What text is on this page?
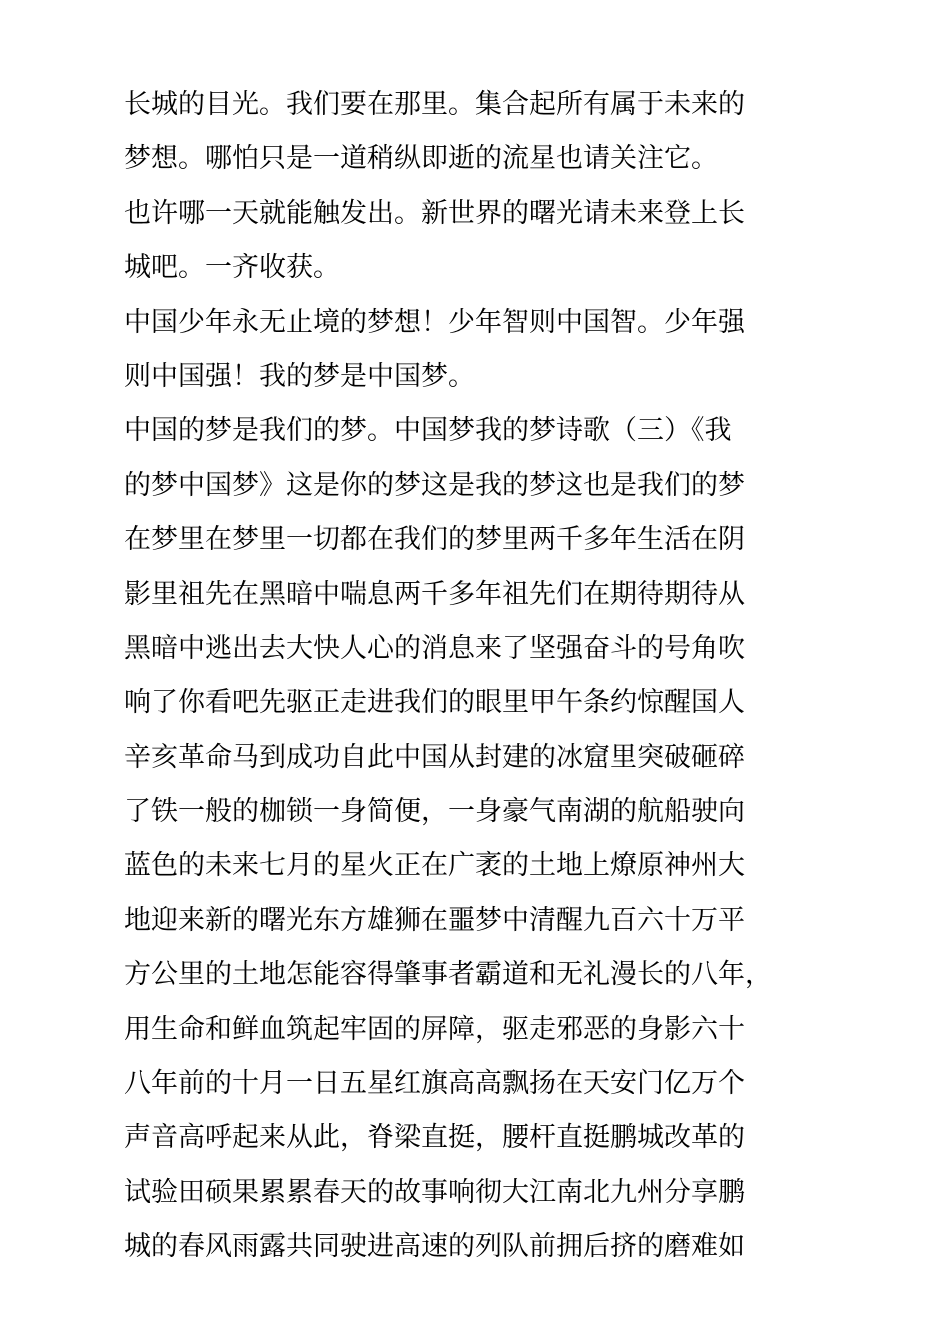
长城的目光。我们要在那里。集合起所有属于未来的
梦想。哪怕只是一道稍纵即逝的流星也请关注它。
也许哪一天就能触发出。新世界的曙光请未来登上长
城吧。一齐收获。
中国少年永无止境的梦想！少年智则中国智。少年强
则中国强！我的梦是中国梦。
中国的梦是我们的梦。中国梦我的梦诗歌（三）《我
的梦中国梦》这是你的梦这是我的梦这也是我们的梦
在梦里在梦里一切都在我们的梦里两千多年生活在阴
影里祖先在黑暗中喘息两千多年祖先们在期待期待从
黑暗中逃出去大快人心的消息来了坚强奋斗的号角吹
响了你看吧先驱正走进我们的眼里甲午条约惊醒国人
辛亥革命马到成功自此中国从封建的冰窟里突破砸碎
了铁一般的枷锁一身简便，一身豪气南湖的航船驶向
蓝色的未来七月的星火正在广袤的土地上燎原神州大
地迎来新的曙光东方雄狮在噩梦中清醒九百六十万平
方公里的土地怎能容得肇事者霸道和无礼漫长的八年，
用生命和鲜血筑起牢固的屏障，驱走邪恶的身影六十
八年前的十月一日五星红旗高高飘扬在天安门亿万个
声音高呼起来从此，脊梁直挺，腰杆直挺鹏城改革的
试验田硕果累累春天的故事响彻大江南北九州分享鹏
城的春风雨露共同驶进高速的列队前拥后挤的磨难如
